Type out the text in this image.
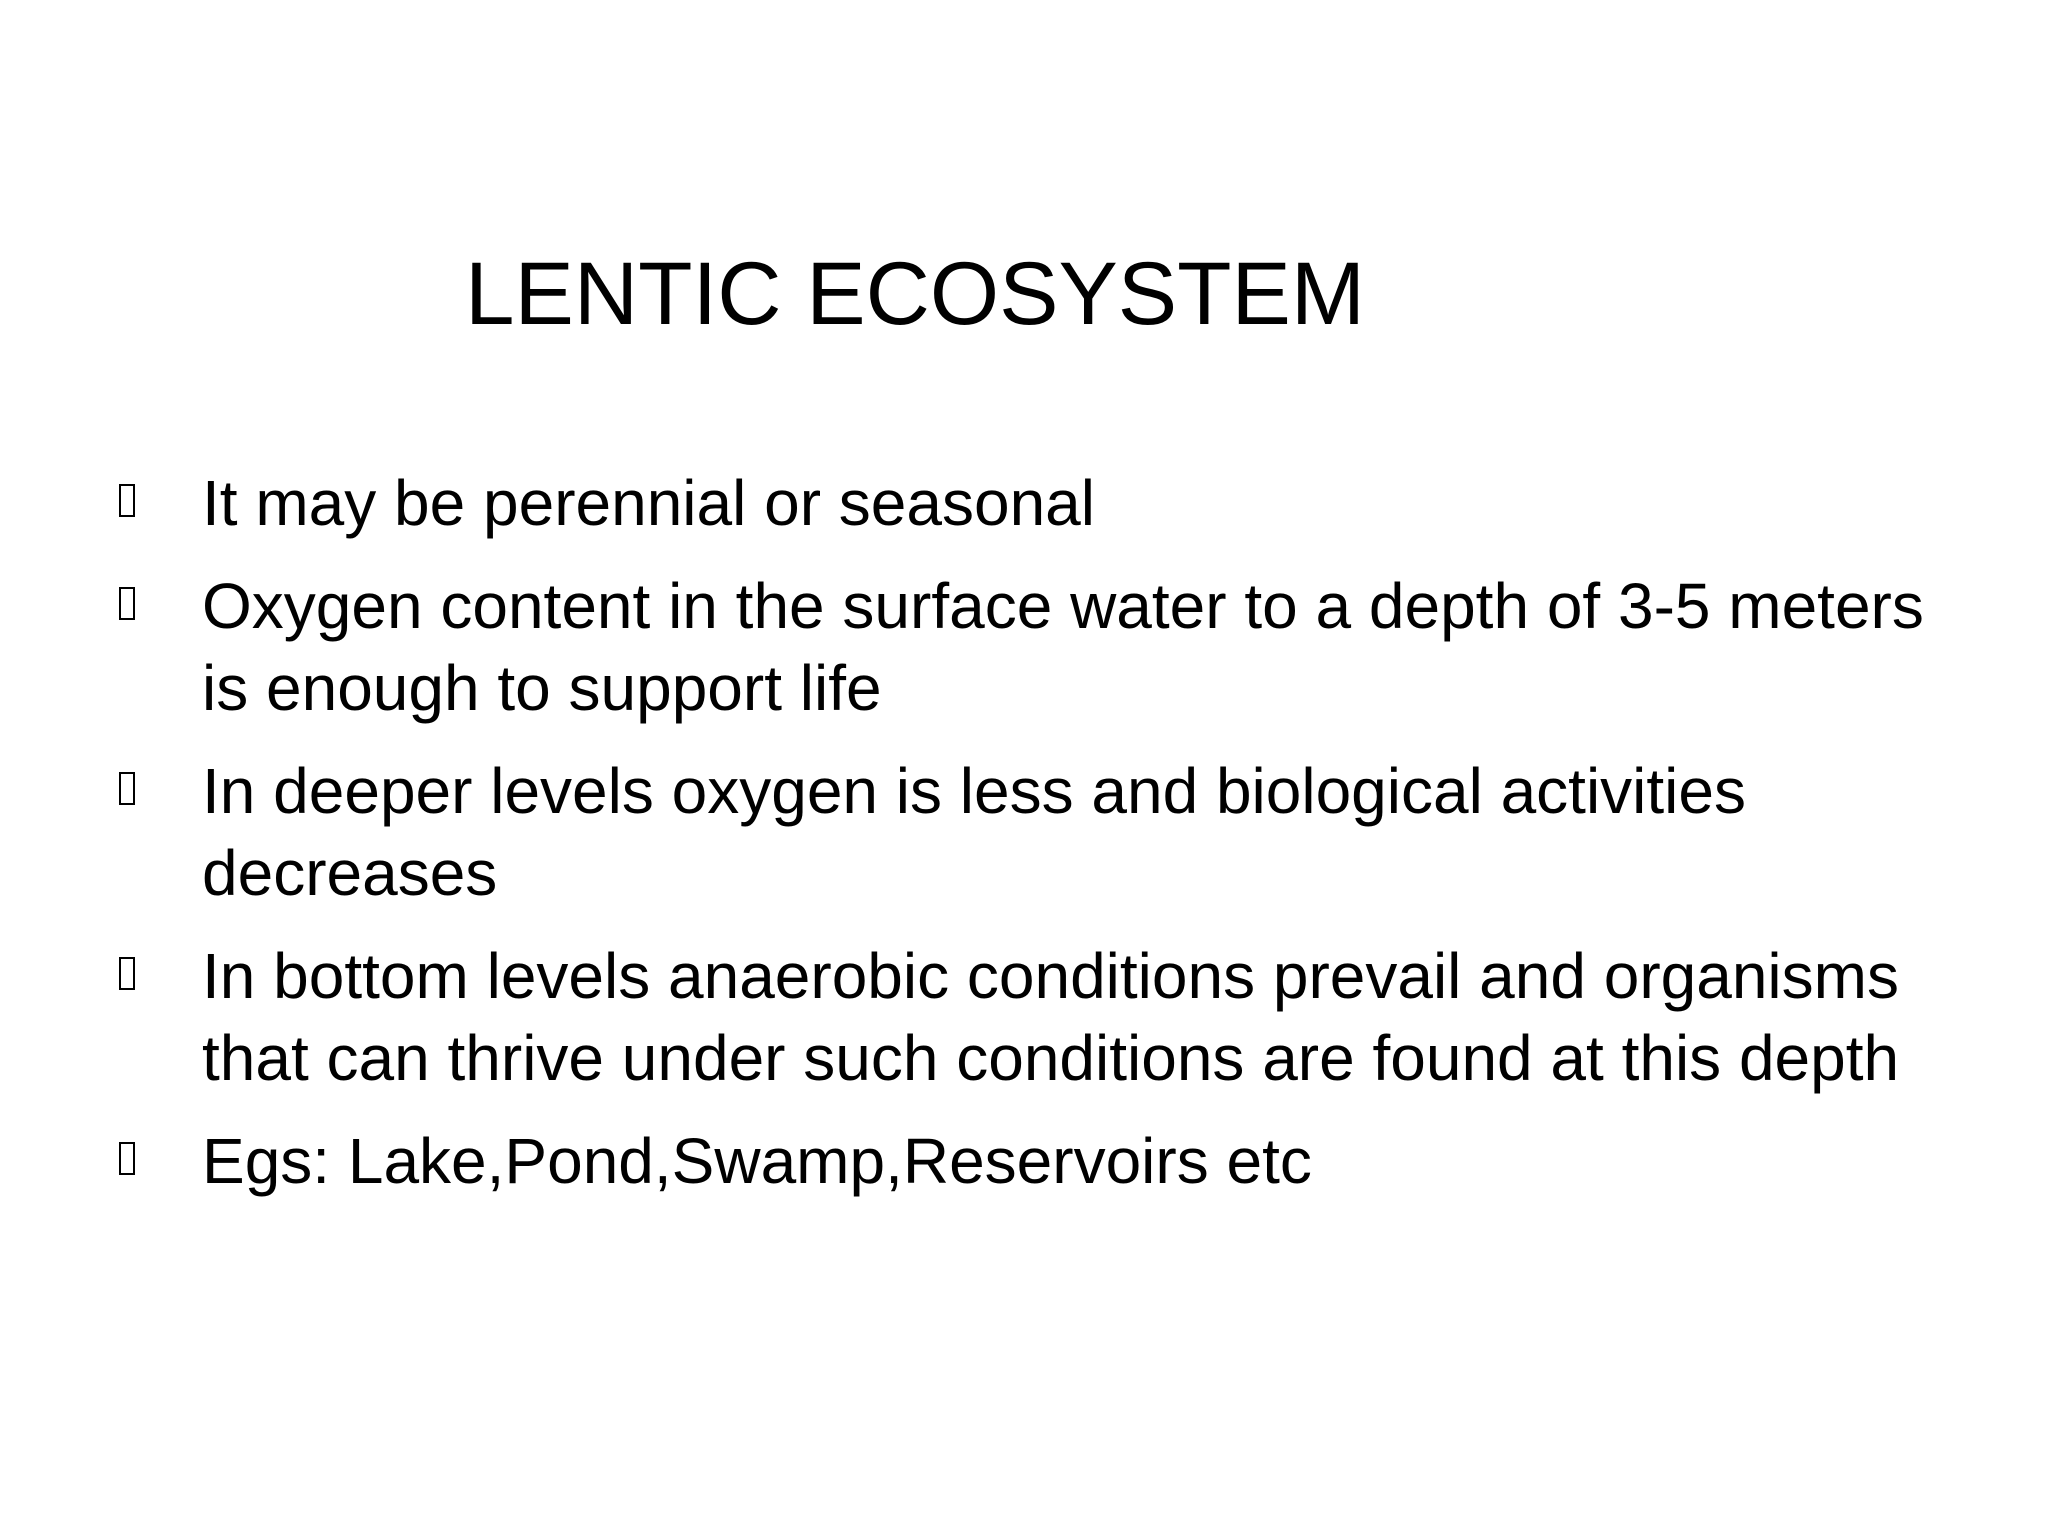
LENTIC ECOSYSTEM
It may be perennial or seasonal
Oxygen content in the surface water to a depth of 3-5 meters is enough to support life
In deeper levels oxygen is less and biological activities decreases
In bottom levels anaerobic conditions prevail and organisms that can thrive under such conditions are found at this depth
Egs: Lake,Pond,Swamp,Reservoirs etc
